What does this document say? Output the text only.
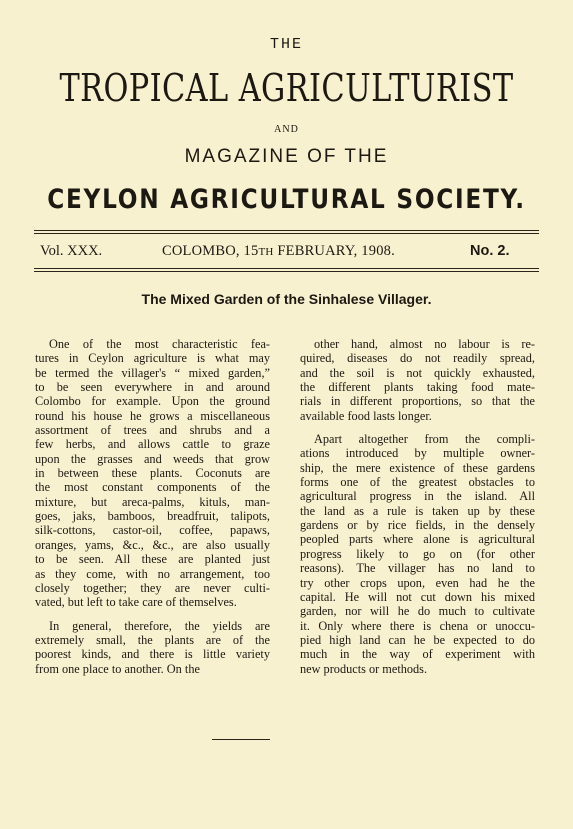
THE
TROPICAL AGRICULTURIST
AND
MAGAZINE OF THE
CEYLON AGRICULTURAL SOCIETY.
Vol. XXX.	COLOMBO, 15TH FEBRUARY, 1908.	No. 2.
The Mixed Garden of the Sinhalese Villager.
One of the most characteristic fea-
tures in Ceylon agriculture is what may
be termed the villager's “ mixed garden,”
to be seen everywhere in and around
Colombo for example. Upon the ground
round his house he grows a miscellaneous
assortment of trees and shrubs and a
few herbs, and allows cattle to graze
upon the grasses and weeds that grow
in between these plants. Coconuts are
the most constant components of the
mixture, but areca-palms, kituls, man-
goes, jaks, bamboos, breadfruit, talipots,
silk-cottons, castor-oil, coffee, papaws,
oranges, yams, &c., &c., are also usually
to be seen. All these are planted just
as they come, with no arrangement, too
closely together; they are never culti-
vated, but left to take care of themselves.
In general, therefore, the yields are
extremely small, the plants are of the
poorest kinds, and there is little variety
from one place to another. On the
other hand, almost no labour is re-
quired, diseases do not readily spread,
and the soil is not quickly exhausted,
the different plants taking food mate-
rials in different proportions, so that the
available food lasts longer.
Apart altogether from the compli-
ations introduced by multiple owner-
ship, the mere existence of these gardens
forms one of the greatest obstacles to
agricultural progress in the island. All
the land as a rule is taken up by these
gardens or by rice fields, in the densely
peopled parts where alone is agricultural
progress likely to go on (for other
reasons). The villager has no land to
try other crops upon, even had he the
capital. He will not cut down his mixed
garden, nor will he do much to cultivate
it. Only where there is chena or unoccu-
pied high land can he be expected to do
much in the way of experiment with
new products or methods.
